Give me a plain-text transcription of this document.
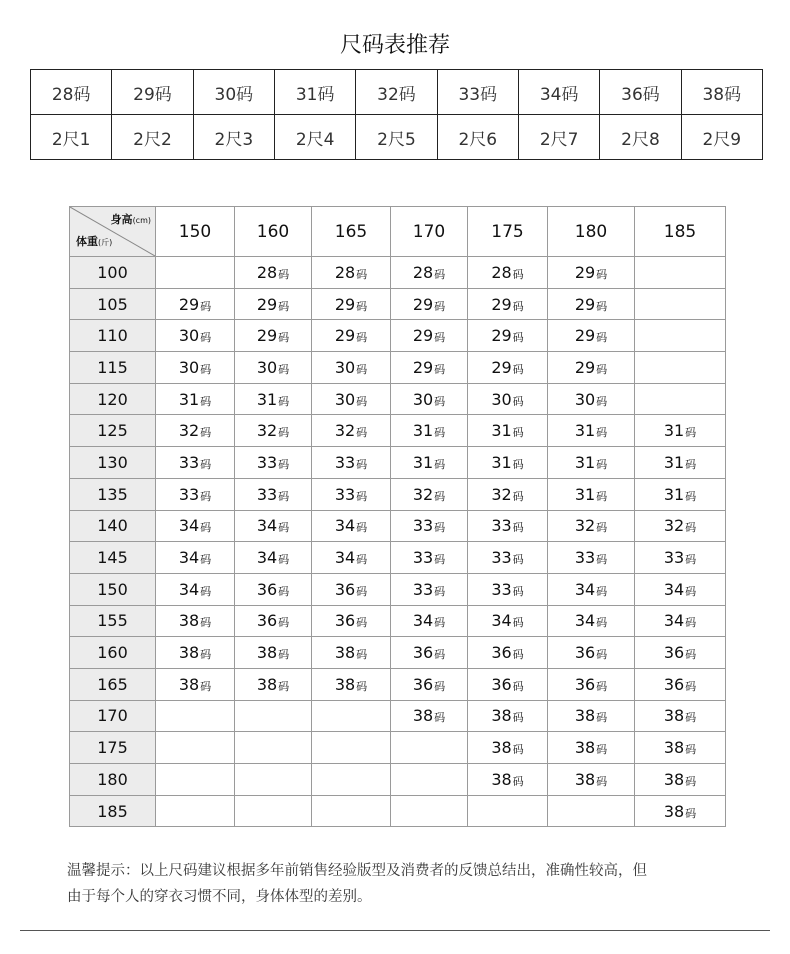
尺码表推荐
28码	29码	30码	31码	32码	33码	34码	36码	38码
2尺1	2尺2	2尺3	2尺4	2尺5	2尺6	2尺7	2尺8	2尺9
身高(cm)
体重(斤)	150	160	165	170	175	180	185
100		28码	28码	28码	28码	29码	
105	29码	29码	29码	29码	29码	29码	
110	30码	29码	29码	29码	29码	29码	
115	30码	30码	30码	29码	29码	29码	
120	31码	31码	30码	30码	30码	30码	
125	32码	32码	32码	31码	31码	31码	31码
130	33码	33码	33码	31码	31码	31码	31码
135	33码	33码	33码	32码	32码	31码	31码
140	34码	34码	34码	33码	33码	32码	32码
145	34码	34码	34码	33码	33码	33码	33码
150	34码	36码	36码	33码	33码	34码	34码
155	38码	36码	36码	34码	34码	34码	34码
160	38码	38码	38码	36码	36码	36码	36码
165	38码	38码	38码	36码	36码	36码	36码
170				38码	38码	38码	38码
175					38码	38码	38码
180					38码	38码	38码
185							38码
温馨提示：以上尺码建议根据多年前销售经验版型及消费者的反馈总结出，准确性较高，但
由于每个人的穿衣习惯不同，身体体型的差别。
